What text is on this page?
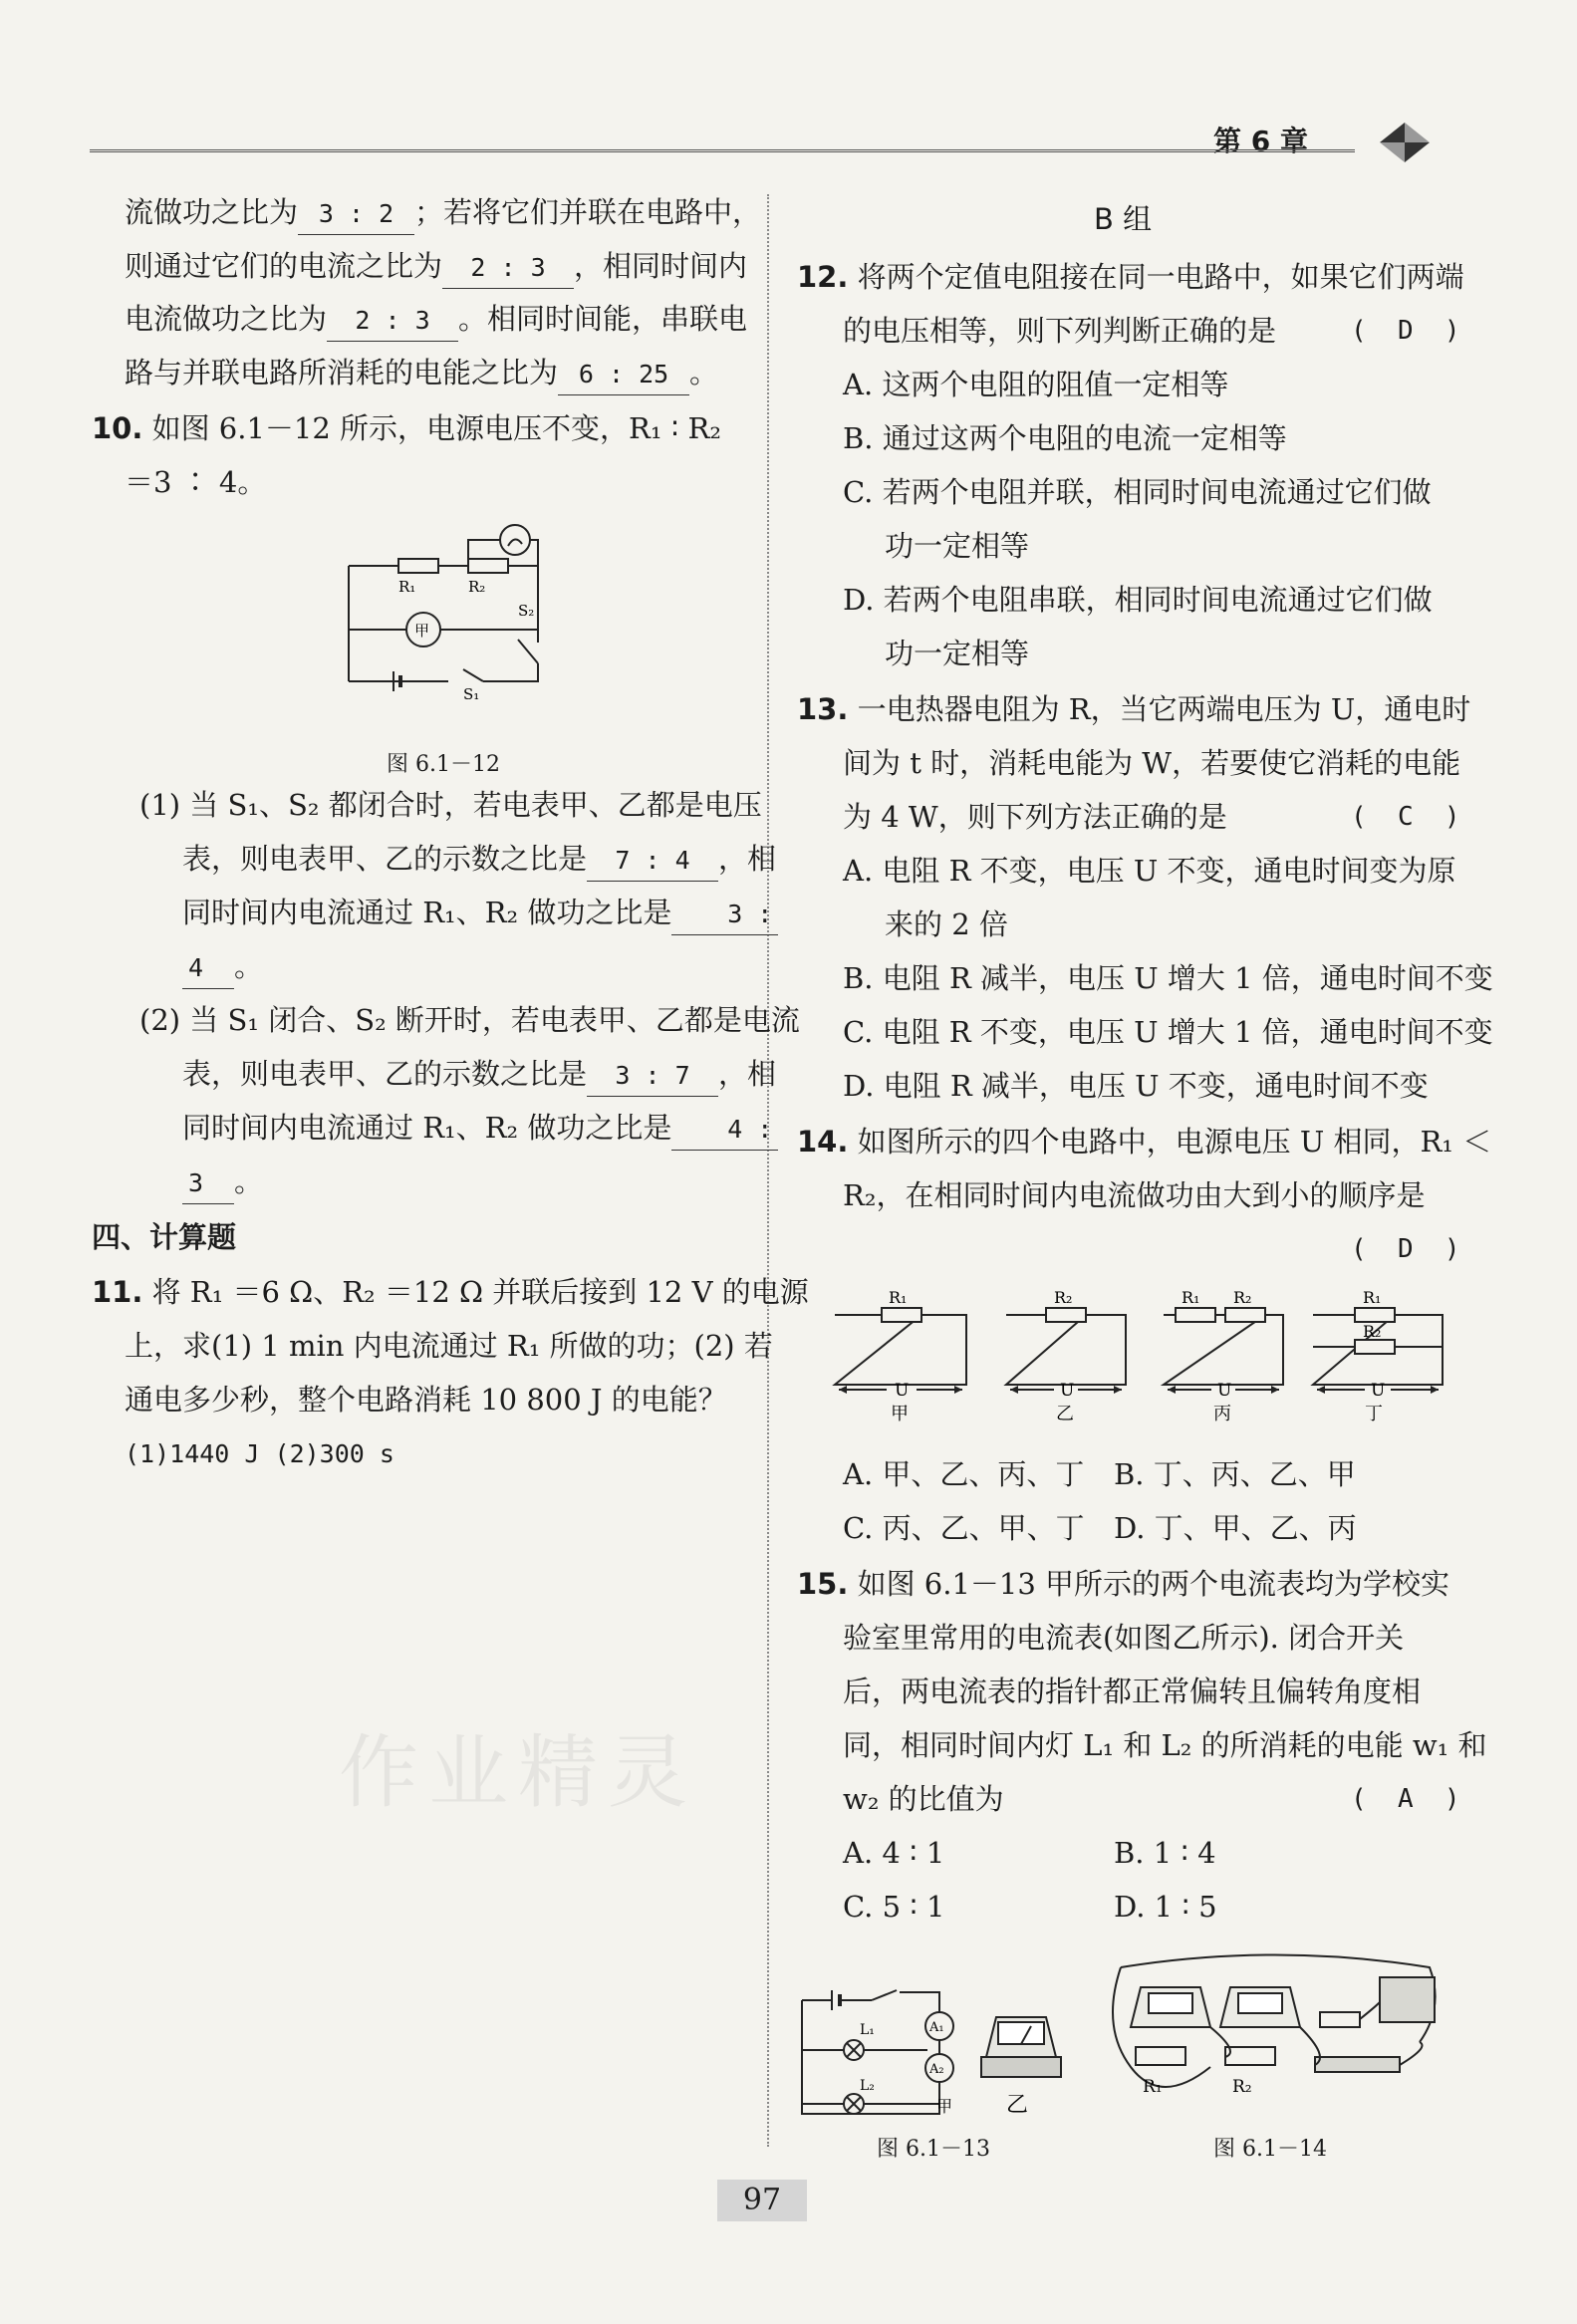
第 6 章
流做功之比为 3 : 2 ；若将它们并联在电路中，
则通过它们的电流之比为 2 : 3 ，相同时间内
电流做功之比为 2 : 3 。相同时间能，串联电
路与并联电路所消耗的电能之比为 6 : 25 。
10. 如图 6.1－12 所示，电源电压不变，R₁ ∶ R₂
＝3 ∶ 4。
R₁	R₂
甲
S₂
S₁
图 6.1－12
(1) 当 S₁、S₂ 都闭合时，若电表甲、乙都是电压
表，则电表甲、乙的示数之比是 7 : 4 ，相
同时间内电流通过 R₁、R₂ 做功之比是 3 :
4 。
(2) 当 S₁ 闭合、S₂ 断开时，若电表甲、乙都是电流
表，则电表甲、乙的示数之比是 3 : 7 ，相
同时间内电流通过 R₁、R₂ 做功之比是 4 :
3 。
四、计算题
11. 将 R₁ ＝6 Ω、R₂ ＝12 Ω 并联后接到 12 V 的电源
上，求(1) 1 min 内电流通过 R₁ 所做的功；(2) 若
通电多少秒，整个电路消耗 10 800 J 的电能？
(1)1440 J (2)300 s
作业精灵
B 组
12. 将两个定值电阻接在同一电路中，如果它们两端
的电压相等，则下列判断正确的是	(  D  )
A. 这两个电阻的阻值一定相等
B. 通过这两个电阻的电流一定相等
C. 若两个电阻并联，相同时间电流通过它们做
功一定相等
D. 若两个电阻串联，相同时间电流通过它们做
功一定相等
13. 一电热器电阻为 R，当它两端电压为 U，通电时
间为 t 时，消耗电能为 W，若要使它消耗的电能
为 4 W，则下列方法正确的是	(  C  )
A. 电阻 R 不变，电压 U 不变，通电时间变为原
来的 2 倍
B. 电阻 R 减半，电压 U 增大 1 倍，通电时间不变
C. 电阻 R 不变，电压 U 增大 1 倍，通电时间不变
D. 电阻 R 减半，电压 U 不变，通电时间不变
14. 如图所示的四个电路中，电源电压 U 相同，R₁ ＜
R₂，在相同时间内电流做功由大到小的顺序是
(  D  )
R₁	R₂	R₁ R₂	R₁
R₂
U	U	U	U
甲	乙	丙	丁
A. 甲、乙、丙、丁 B. 丁、丙、乙、甲
C. 丙、乙、甲、丁 D. 丁、甲、乙、丙
15. 如图 6.1－13 甲所示的两个电流表均为学校实
验室里常用的电流表(如图乙所示). 闭合开关
后，两电流表的指针都正常偏转且偏转角度相
同，相同时间内灯 L₁ 和 L₂ 的所消耗的电能 w₁ 和
w₂ 的比值为	(  A  )
A. 4 ∶ 1	B. 1 ∶ 4
C. 5 ∶ 1	D. 1 ∶ 5
L₁
L₂
A₁
A₂
甲 乙
图 6.1－13
R₁	R₂
图 6.1－14
97
